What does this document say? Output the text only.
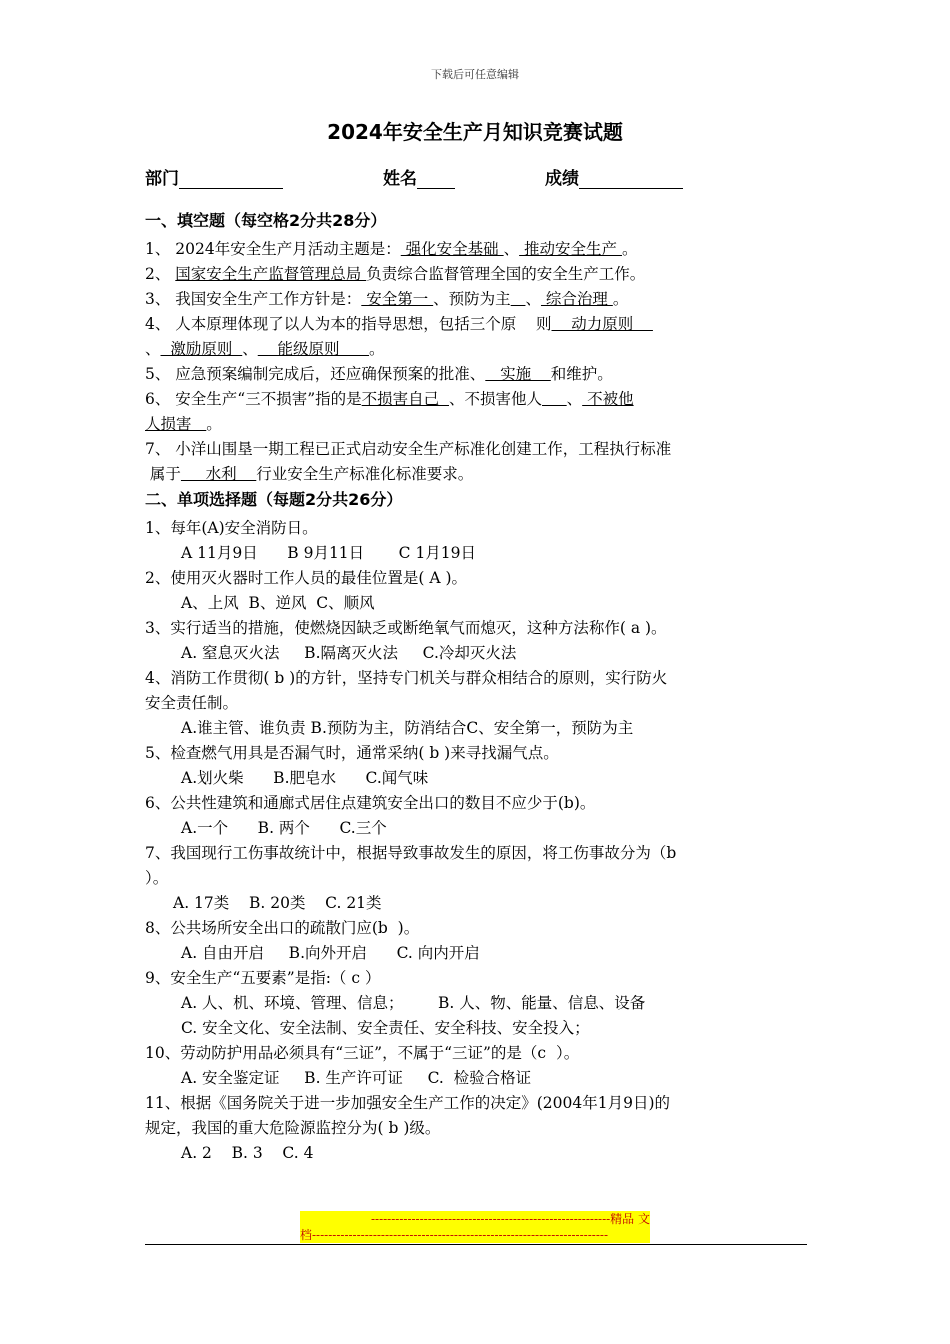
下载后可任意编辑
2024年安全生产月知识竞赛试题
部门	姓名	成绩
一、填空题（每空格2分共28分）
1、 2024年安全生产月活动主题是： 强化安全基础 、 推动安全生产 。
2、 国家安全生产监督管理总局 负责综合监督管理全国的安全生产工作。
3、 我国安全生产工作方针是： 安全第一 、预防为主 、 综合治理 。
4、 人本原理体现了以人为本的指导思想，包括三个原    则    动力原则
、  激励原则  、    能级原则      。
5、 应急预案编制完成后，还应确保预案的批准、   实施    和维护。
6、 安全生产“三不损害”指的是不损害自己  、不损害他人 、 不被他
人损害   。
7、 小洋山围垦一期工程已正式启动安全生产标准化创建工作，工程执行标准
属于     水利    行业安全生产标准化标准要求。
二、单项选择题（每题2分共26分）
1、每年(A)安全消防日。
A 11月9日      B 9月11日       C 1月19日
2、使用灭火器时工作人员的最佳位置是( A )。
A、上风  B、逆风  C、顺风
3、实行适当的措施，使燃烧因缺乏或断绝氧气而熄灭，这种方法称作( a )。
A. 窒息灭火法     B.隔离灭火法     C.冷却灭火法
4、消防工作贯彻( b )的方针，坚持专门机关与群众相结合的原则，实行防火
安全责任制。
A.谁主管、谁负责 B.预防为主，防消结合C、安全第一，预防为主
5、检查燃气用具是否漏气时，通常采纳( b )来寻找漏气点。
A.划火柴      B.肥皂水      C.闻气味
6、公共性建筑和通廊式居住点建筑安全出口的数目不应少于(b)。
A.一个      B. 两个      C.三个
7、我国现行工伤事故统计中，根据导致事故发生的原因，将工伤事故分为（b
）。
A. 17类    B. 20类    C. 21类
8、公共场所安全出口的疏散门应(b  )。
A. 自由开启     B.向外开启      C. 向内开启
9、安全生产“五要素”是指:（ c ）
A. 人、机、环境、管理、信息；       B. 人、物、能量、信息、设备
C. 安全文化、安全法制、安全责任、安全科技、安全投入；
10、劳动防护用品必须具有“三证”，不属于“三证”的是（c  ）。
A. 安全鉴定证     B. 生产许可证     C.  检验合格证
11、根据《国务院关于进一步加强安全生产工作的决定》(2004年1月9日)的
规定，我国的重大危险源监控分为( b )级。
A. 2    B. 3    C. 4
-----------------------------------------------------------精品 文
档-------------------------------------------------------------------------
